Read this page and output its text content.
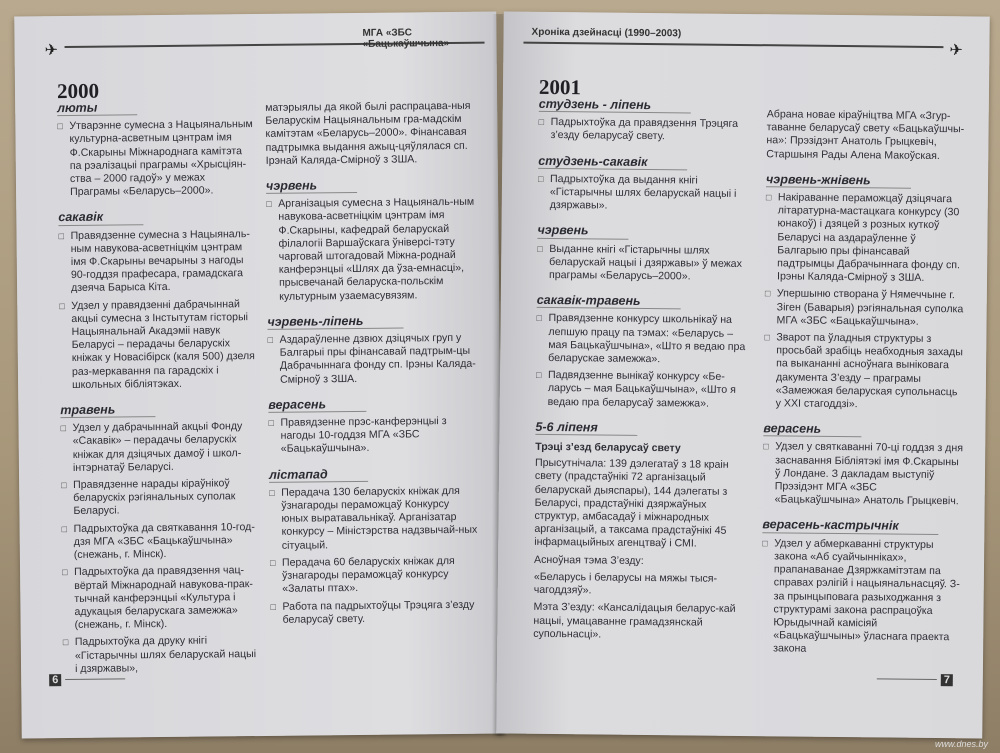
✈
МГА «ЗБС «Бацькаўшчына»
2000
люты
□ Утварэнне сумесна з Нацыянальным культурна-асветным цэнтрам імя Ф.Скарыны Міжнароднага камітэта па рэалізацыі праграмы «Хрысціян-ства – 2000 гадоў» у межах Праграмы «Беларусь–2000».
сакавік
□ Правядзенне сумесна з Нацыяналь-ным навукова-асветніцкім цэнтрам імя Ф.Скарыны вечарыны з нагоды 90-годдзя прафесара, грамадскага дзеяча Барыса Кіта.
□ Удзел у правядзенні дабрачыннай акцыі сумесна з Інстытутам гісторыі Нацыянальнай Акадэміі навук Беларусі – перадачы беларускіх кніжак у Новасібірск (каля 500) дзеля раз-меркавання па гарадскіх і школьных бібліятэках.
травень
□ Удзел у дабрачыннай акцыі Фонду «Сакавік» – перадачы беларускіх кніжак для дзіцячых дамоў і школ-інтэрнатаў Беларусі.
□ Правядзенне нарады кіраўнікоў беларускіх рэгіянальных суполак Беларусі.
□ Падрыхтоўка да святкавання 10-год-дзя МГА «ЗБС «Бацькаўшчына» (снежань, г. Мінск).
□ Падрыхтоўка да правядзення чац-вёртай Міжнароднай навукова-прак-тычнай канферэнцыі «Культура і адукацыя беларускага замежжа» (снежань, г. Мінск).
□ Падрыхтоўка да друку кнігі «Гістарычны шлях беларускай нацыі і дзяржавы»,
матэрыялы да якой былі распрацава-ныя Беларускім Нацыянальным гра-мадскім камітэтам «Беларусь–2000». Фінансавая падтрымка выдання ажыц-цяўлялася сп. Ірэнай Калядa-Смірноў з ЗША.
чэрвень
□ Арганізацыя сумесна з Нацыяналь-ным навукова-асветніцкім цэнтрам імя Ф.Скарыны, кафедрай беларускай філалогіі Варшаўскага ўніверсі-тэту чарговай штогадовай Міжна-роднай канферэнцыі «Шлях да ўза-емнасці», прысвечанай беларуска-польскім культурным узаемасувязям.
чэрвень-ліпень
□ Аздараўленне дзвюх дзіцячых груп у Балгарыі пры фінансавай падтрым-цы Дабрачыннага фонду сп. Ірэны Каляда-Смірноў з ЗША.
верасень
□ Правядзенне прэс-канферэнцыі з нагоды 10-годдзя МГА «ЗБС «Бацькаўшчына».
лістапад
□ Перадача 130 беларускіх кніжак для ўзнагароды пераможцаў Конкурсу юных выратавальнікаў. Арганізатар конкурсу – Міністэрства надзвычай-ных сітуацый.
□ Перадача 60 беларускіх кніжак для ўзнагароды пераможцаў конкурсу «Залаты птах».
□ Работа па падрыхтоўцы Трэцяга з’езду беларусаў свету.
6
Хроніка дзейнасці (1990–2003)
✈
2001
студзень - ліпень
□ Падрыхтоўка да правядзення Трэцяга з’езду беларусаў свету.
студзень-сакавік
□ Падрыхтоўка да выдання кнігі «Гістарычны шлях беларускай нацыі і дзяржавы».
чэрвень
□ Выданне кнігі «Гістарычны шлях беларускай нацыі і дзяржавы» ў межах праграмы «Беларусь–2000».
сакавік-травень
□ Правядзенне конкурсу школьнікаў на лепшую працу па тэмах: «Беларусь – мая Бацькаўшчына», «Што я ведаю пра беларускае замежжа».
□ Падвядзенне вынікаў конкурсу «Бе-ларусь – мая Бацькаўшчына», «Што я ведаю пра беларусаў замежжа».
5-6 ліпеня
Трэці з’езд беларусаў свету
Прысутнічала: 139 дэлегатаў з 18 краін свету (прадстаўнікі 72 арганізацый беларускай дыяспары), 144 дэлегаты з Беларусі, прадстаўнікі дзяржаўных структур, амбасадаў і міжнародных арганізацый, а таксама прадстаўнікі 45 інфармацыйных агенцтваў і СМІ.
Асноўная тэма З’езду:
«Беларусь і беларусы на мяжы тыся-чагоддзяў».
Мэта З’езду: «Кансалідацыя беларус-кай нацыі, умацаванне грамадзянскай супольнасці».
Абрана новае кіраўніцтва МГА «Згур-таванне беларусаў свету «Бацькаўшчы-на»: Прэзідэнт Анатоль Грыцкевіч, Старшыня Рады Алена Макоўская.
чэрвень-жнівень
□ Накіраванне пераможцаў дзіцячага літаратурна-мастацкага конкурсу (30 юнакоў) і дзяцей з розных куткоў Беларусі на аздараўленне ў Балгарыю пры фінансавай падтрымцы Дабрачыннага фонду сп. Ірэны Каляда-Смірноў з ЗША.
□ Упершыню створана ў Нямеччыне г. Зіген (Баварыя) рэгіянальная суполка МГА «ЗБС «Бацькаўшчына».
□ Зварот па ўладныя структуры з просьбай зрабіць неабходныя захады па выкананні асноўнага выніковага дакумента З’езду – праграмы «Замежжая беларуская супольнасць у XXI стагоддзі».
верасень
□ Удзел у святкаванні 70-ці годдзя з дня заснавання Бібліятэкі імя Ф.Скарыны ў Лондане. З дакладам выступіў Прэзідэнт МГА «ЗБС «Бацькаўшчына» Анатоль Грыцкевіч.
верасень-кастрычнік
□ Удзел у абмеркаванні структуры закона «Аб суайчынніках», прапанаванае Дзяржкамітэтам па справах рэлігій і нацыянальнасцяў. З-за прынцыповага разыходжання з структурамі закона распрацоўка Юрыдычнай камісіяй «Бацькаўшчыны» ўласнага праекта закона
7
www.dnes.by
